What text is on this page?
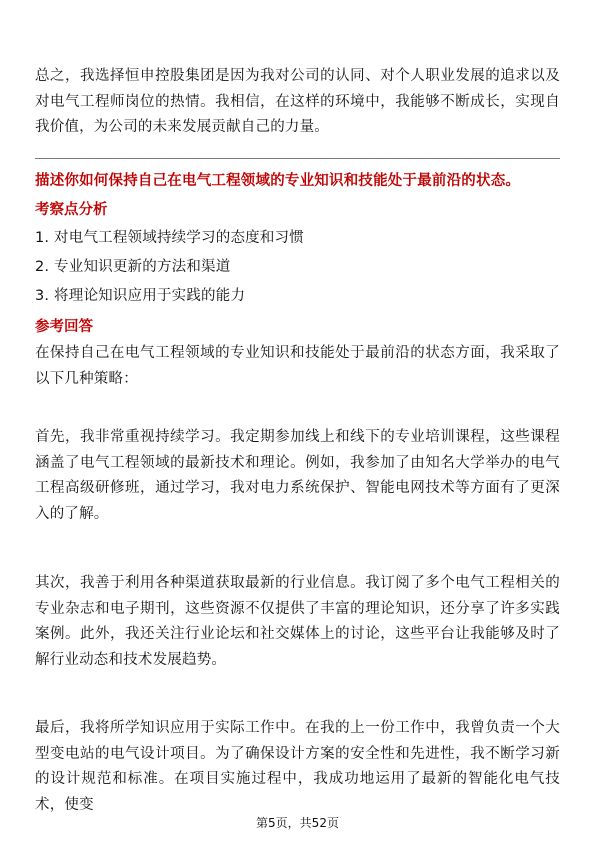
总之，我选择恒申控股集团是因为我对公司的认同、对个人职业发展的追求以及对电气工程师岗位的热情。我相信，在这样的环境中，我能够不断成长，实现自我价值，为公司的未来发展贡献自己的力量。

描述你如何保持自己在电气工程领域的专业知识和技能处于最前沿的状态。

考察点分析

1. 对电气工程领域持续学习的态度和习惯

2. 专业知识更新的方法和渠道

3. 将理论知识应用于实践的能力

参考回答

在保持自己在电气工程领域的专业知识和技能处于最前沿的状态方面，我采取了以下几种策略：

首先，我非常重视持续学习。我定期参加线上和线下的专业培训课程，这些课程涵盖了电气工程领域的最新技术和理论。例如，我参加了由知名大学举办的电气工程高级研修班，通过学习，我对电力系统保护、智能电网技术等方面有了更深入的了解。

其次，我善于利用各种渠道获取最新的行业信息。我订阅了多个电气工程相关的专业杂志和电子期刊，这些资源不仅提供了丰富的理论知识，还分享了许多实践案例。此外，我还关注行业论坛和社交媒体上的讨论，这些平台让我能够及时了解行业动态和技术发展趋势。

最后，我将所学知识应用于实际工作中。在我的上一份工作中，我曾负责一个大型变电站的电气设计项目。为了确保设计方案的安全性和先进性，我不断学习新的设计规范和标准。在项目实施过程中，我成功地运用了最新的智能化电气技术，使变

第5页，共52页
